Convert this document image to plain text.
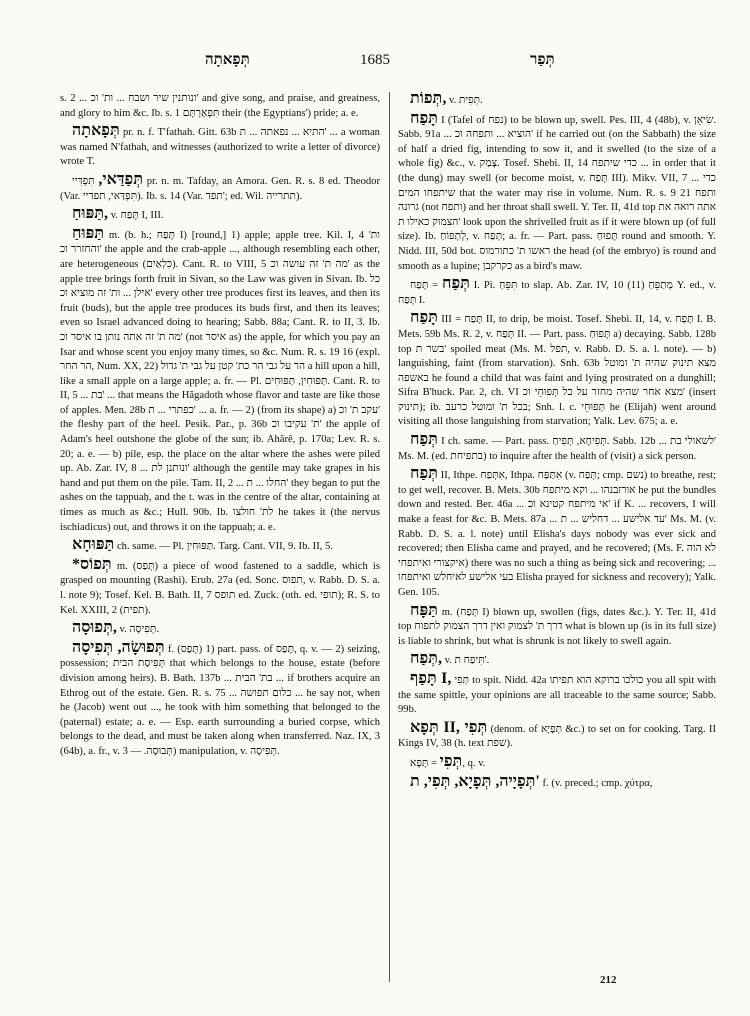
תְּפָאתָה	1685	תְּפַר

s. 2 ... ונותנין שיר ושבח ... ות' וכ' and give song, and praise, and greatness, and glory to him &c. Ib. s. 1 תִּפְאַרְתָּם their (the Egyptians') pride; a. e.

תְּפָאתָה pr. n. f. T'fathah. Gitt. 63b התיא ... נפאתה ... ת' ... a woman was named N'fathah, and witnesses (authorized to write a letter of divorce) wrote T.

תְּפַדַּאי, תִּפְדִּיי pr. n. m. Tafday, an Amora. Gen. R. s. 8 ed. Theodor (Var. תִּפְדַּאי, תפדיי). Ib. s. 14 (Var. תפד'; ed. Wil. תתרייה).

תַּפּוּחַ, v. תָּפַח I, III.

תַּפּוּחַ m. (b. h.; תָּפַח I) [round,] 1) apple; apple tree. Kil. I, 4 ות' והחזרר וכ' the apple and the crab-apple ..., although resembling each other, are heterogeneous (כִּלְאַיִם). Cant. R. to VIII, 5 מה ת' זה עושה וכ' as the apple tree brings forth fruit in Sivan, so the Law was given in Sivan. Ib. כל אילן ... ות' זה מוציא וכ' every other tree produces first its leaves, and then its fruit (buds), but the apple tree produces its buds first, and then its leaves; even so Israel advanced doing to hearing; Sabb. 88a; Cant. R. to II, 3. Ib. מה ת' זה אתה נותן בו איסר וכ' (not איסר as) the apple, for which you pay an Isar and whose scent you enjoy many times, so &c. Num. R. s. 19 16 (expl. הר החר, Num. XX, 22) הר על גבי הר כת' קטן על גבי ת' גדול a hill upon a hill, like a small apple on a large apple; a. fr. — Pl. תַּפּוּחִין, תַּפּוּחִים. Cant. R. to II, 5 ... בת' ... that means the Hăgadoth whose flavor and taste are like those of apples. Men. 28b כפתרי ... ת' ... a. fr. — 2) (from its shape) a) עקב ת' וכ' the fleshy part of the heel. Pesik. Par., p. 36b ת' עקיבו וכ' the apple of Adam's heel outshone the globe of the sun; ib. Ahărê, p. 170a; Lev. R. s. 20; a. e. — b) pile, esp. the place on the altar where the ashes were piled up. Ab. Zar. IV, 8 ... ונותנן לת' although the gentile may take grapes in his hand and put them on the pile. Tam. II, 2 ... החלו ... ת' they began to put the ashes on the tappuaḥ, and the t. was in the centre of the altar, containing at times as much as &c.; Hull. 90b. Ib. לת' חולצו he takes it (the nervus ischiadicus) out, and throws it on the tappuaḥ; a. e.

תַּפּוּחָא ch. same. — Pl. תַּפּוּחִין. Targ. Cant. VII, 9. Ib. II, 5.

*תְּפוֹס m. (תָּפַס) a piece of wood fastened to a saddle, which is grasped on mounting (Rashi). Erub. 27a (ed. Sonc. תפוס, v. Rabb. D. S. a. l. note 9); Tosef. Kel. B. Bath. II, 7 תופס ed. Zuck. (oth. ed. תופי); R. S. to Kel. XXIII, 2 (תפית).

תְּפוּסָה, v. תְּפִיסָה.

תְּפוּשָׂה, תְּפִיסָה f. (תָּפַס) 1) part. pass. of תָּפַס, q. v. — 2) seizing, possession; תְּפִיסַת הבית that which belongs to the house, estate (before division among heirs). B. Bath. 137b ... בת' הבית ... if brothers acquire an Ethrog out of the estate. Gen. R. s. 75 ... כלום תפושה ... he say not, when he (Jacob) went out ..., he took with him something that belonged to the (paternal) estate; a. e. — Esp. earth surrounding a buried corpse, which belongs to the dead, and must be taken along when transferred. Naz. IX, 3 (64b), a. fr., v. תְּבוּסָה. — 3) manipulation, v. תְּפִיסָה.

תְּפוֹת, v. תְּפִית.

תָּפַח I (Tafel of נפח) to be blown up, swell. Pes. III, 4 (48b), v. שִׂיאֵן. Sabb. 91a ... הוציא ... ותפחה וכ' if he carried out (on the Sabbath) the size of half a dried fig, intending to sow it, and it swelled (to the size of a whole fig) &c., v. צָמַק. Tosef. Shebi. II, 14 כדי שיתפח ... in order that it (the dung) may swell (or become moist, v. תָּפַח III). Mikv. VII, 7 ... כדי שיתפחו המים that the water may rise in volume. Num. R. s. 9 21 ותפח גרונה (not ותפח) and her throat shall swell. Y. Ter. II, 41d top אתה רואה את הצמוק כאילו ת' look upon the shrivelled fruit as if it were blown up (of full size). Ib. לְתְפוֹחַ, v. תְּפַח; a. fr. — Part. pass. תָּפוּחַ round and smooth. Y. Nidd. III, 50d bot. ראשו ת' כתורמוס the head (of the embryo) is round and smooth as a lupine; כקרקבן as a bird's maw.

תְּפַח = תָּפַח I. Pi. תִּפֵּחַ to slap. Ab. Zar. IV, 10 (11) מְתַפֵּחַ Y. ed., v. תָּפַח I.

תָּפַח III = תָּפַח II, to drip, be moist. Tosef. Shebi. II, 14, v. תָּפַח I. B. Mets. 59b Ms. R. 2, v. תָּפַח II. — Part. pass. תָּפוּחַ a) decaying. Sabb. 128b top בשר ת' spoiled meat (Ms. M. תפל, v. Rabb. D. S. a. l. note). — b) languishing, faint (from starvation). Snh. 63b מצא תינוק שהיה ת' ומוטל באשפה he found a child that was faint and lying prostrated on a dunghill; Sifra B'huck. Par. 2, ch. VI מצא אחר שהיה מחזר על כל תְּפוּחֵי וכ' (insert תינוק); ib. בכל ת' ומוטל כרעב; Snh. l. c. תְּפוּחֵי he (Elijah) went around visiting all those languishing from starvation; Yalk. Lev. 675; a. e.

תְּפַח I ch. same. — Part. pass. תְּפִיחָא, תְּפִיחַ. Sabb. 12b ... לשאולי בת' Ms. M. (ed. בתפיחת) to inquire after the health of (visit) a sick person.

תְּפַח II, Ithpe. אִתְּפַח, Ithpa. אִתַּפַּח (v. תְּפַח; cmp. נשם) to breathe, rest; to get well, recover. B. Mets. 30b אורזבנהו ... וקא מיתפח he put the bundles down and rested. Ber. 46a ... אי מיתפח קטינא וכ' if K. ... recovers, I will make a feast for &c. B. Mets. 87a ... עד אלישע ... דחליש ... ת' Ms. M. (v. Rabb. D. S. a. l. note) until Elisha's days nobody was ever sick and recovered; then Elisha came and prayed, and he recovered; (Ms. F. לא הוה איקצורי ואיתפחי) there was no such a thing as being sick and recovering; ... בעי אלישע לאיחלש ואיתפחו Elisha prayed for sickness and recovery); Yalk. Gen. 105.

תַּפָּח m. (תָּפַח I) blown up, swollen (figs, dates &c.). Y. Ter. II, 41d top דרך ת' לצמוק ואין דרך הצמוק לתפוח what is blown up (is in its full size) is liable to shrink, but what is shrunk is not likely to swell again.

תְּפַח, v. תִּיפַח ת'.

תָּפַף I, תְּפִי to spit. Nidd. 42a כולכו ברוקא הוא תפיתו you all spit with the same spittle, your opinions are all traceable to the same source; Sabb. 99b.

תְּפָא II, תְּפִי (denom. of תְּפָיָא &c.) to set on for cooking. Targ. II Kings IV, 38 (h. text שפת).

תְּפִי = תְּפָא, q. v.

תְּפָיָיה, תְּפָיָא, תְּפִי, ת' f. (v. preced.; cmp. χύτρα,

212
